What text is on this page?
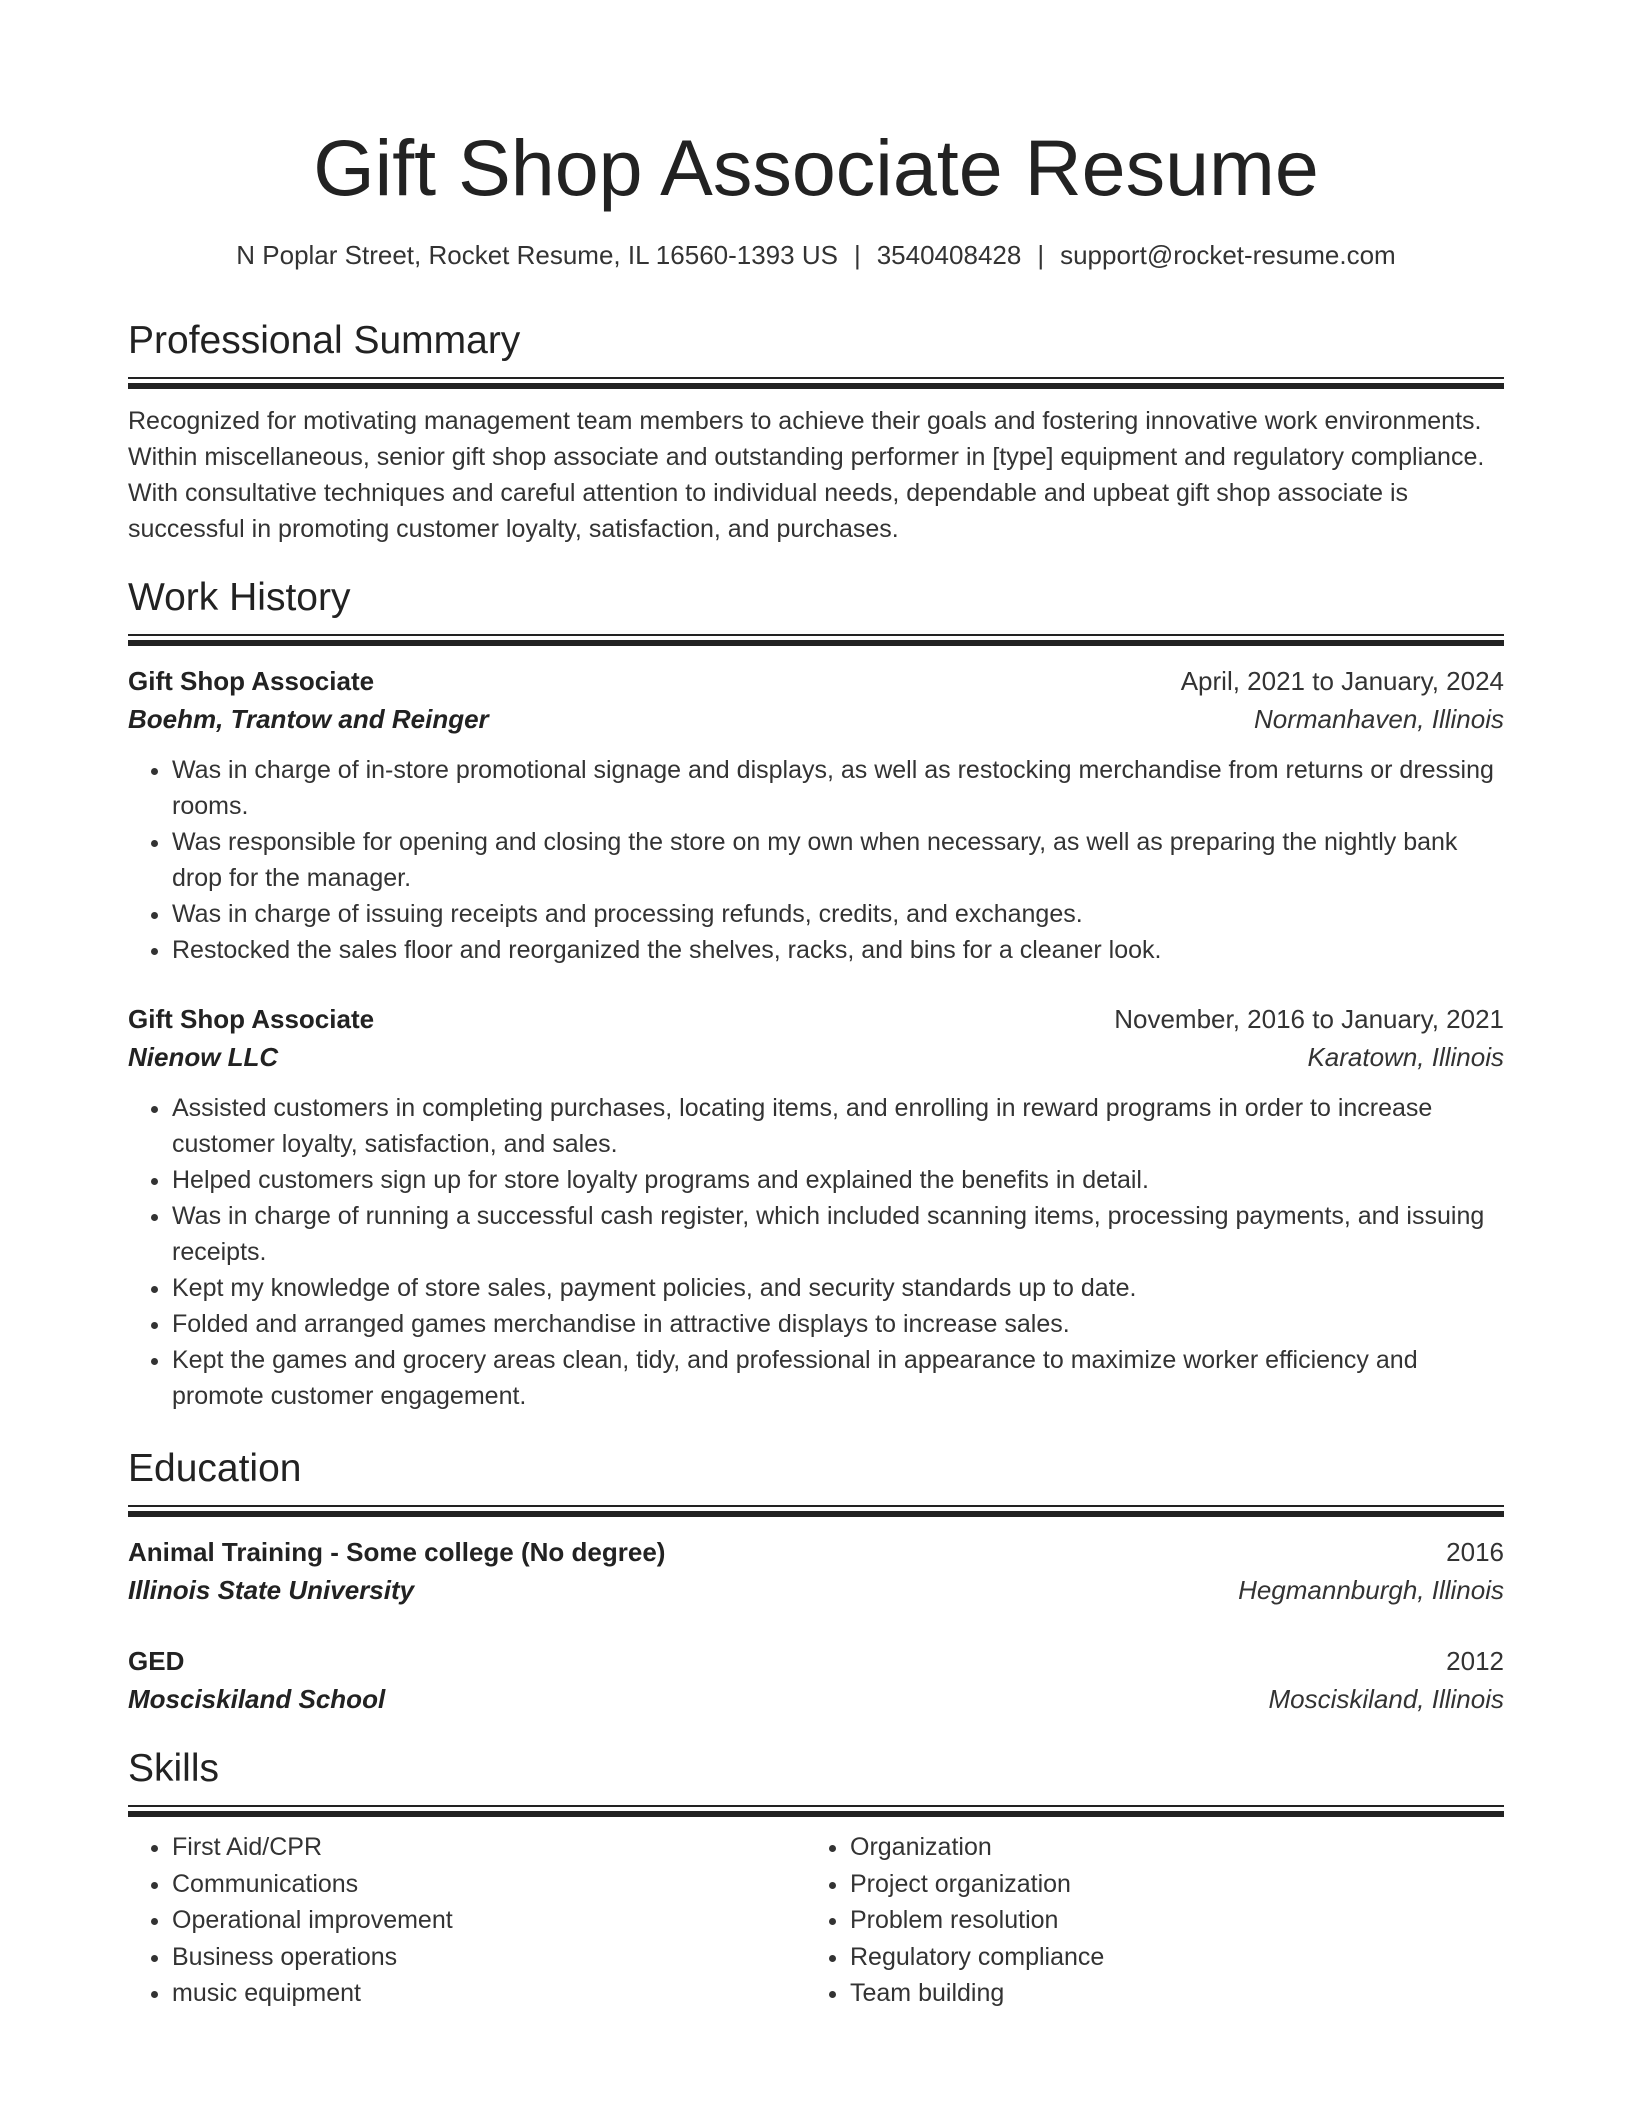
Gift Shop Associate Resume
N Poplar Street, Rocket Resume, IL 16560-1393 US | 3540408428 | support@rocket-resume.com
Professional Summary
Recognized for motivating management team members to achieve their goals and fostering innovative work environments. Within miscellaneous, senior gift shop associate and outstanding performer in [type] equipment and regulatory compliance. With consultative techniques and careful attention to individual needs, dependable and upbeat gift shop associate is successful in promoting customer loyalty, satisfaction, and purchases.
Work History
Gift Shop Associate	April, 2021 to January, 2024
Boehm, Trantow and Reinger	Normanhaven, Illinois
• Was in charge of in-store promotional signage and displays, as well as restocking merchandise from returns or dressing rooms.
• Was responsible for opening and closing the store on my own when necessary, as well as preparing the nightly bank drop for the manager.
• Was in charge of issuing receipts and processing refunds, credits, and exchanges.
• Restocked the sales floor and reorganized the shelves, racks, and bins for a cleaner look.
Gift Shop Associate	November, 2016 to January, 2021
Nienow LLC	Karatown, Illinois
• Assisted customers in completing purchases, locating items, and enrolling in reward programs in order to increase customer loyalty, satisfaction, and sales.
• Helped customers sign up for store loyalty programs and explained the benefits in detail.
• Was in charge of running a successful cash register, which included scanning items, processing payments, and issuing receipts.
• Kept my knowledge of store sales, payment policies, and security standards up to date.
• Folded and arranged games merchandise in attractive displays to increase sales.
• Kept the games and grocery areas clean, tidy, and professional in appearance to maximize worker efficiency and promote customer engagement.
Education
Animal Training - Some college (No degree)	2016
Illinois State University	Hegmannburgh, Illinois
GED	2012
Mosciskiland School	Mosciskiland, Illinois
Skills
• First Aid/CPR
• Communications
• Operational improvement
• Business operations
• music equipment
• Organization
• Project organization
• Problem resolution
• Regulatory compliance
• Team building
